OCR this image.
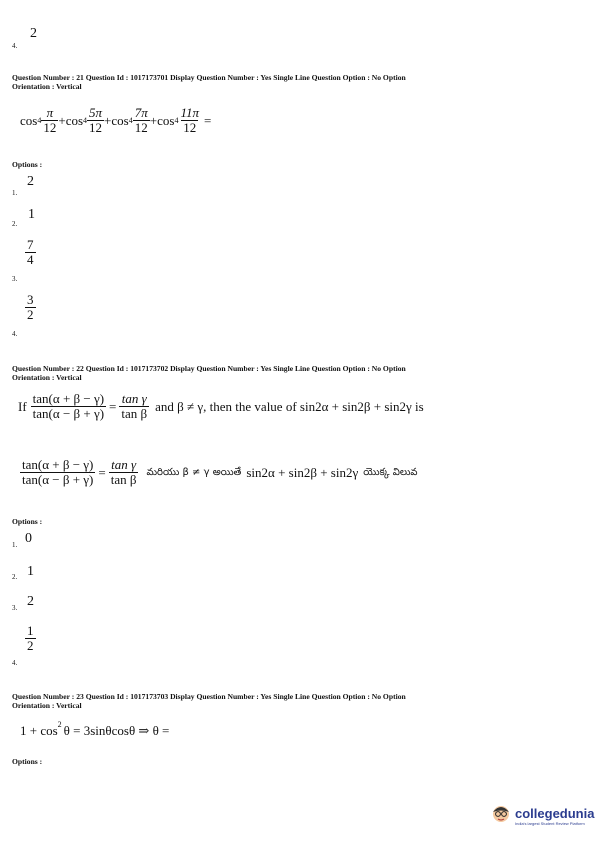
2
4.
Question Number : 21 Question Id : 1017173701 Display Question Number : Yes Single Line Question Option : No Option
Orientation : Vertical
$\cos 4 \frac{\pi}{12} + \cos 4 \frac{5\pi}{12} + \cos 4 \frac{7\pi}{12} + \cos 4 \frac{11\pi}{12}$ =
Options :
2
1.
1
2.
$\frac{7}{4}$
3.
$\frac{3}{2}$
4.
Question Number : 22 Question Id : 1017173702 Display Question Number : Yes Single Line Question Option : No Option
Orientation : Vertical
If $\frac{\tan(\alpha + \beta - \gamma)}{\tan(\alpha - \beta + \gamma)} = \frac{\text{tan γ}}{\text{tan β}}$ and β ≠ γ, then the value of sin2α + sin2β + sin2γ is
$\frac{\tan(\alpha + \beta - \gamma)}{\tan(\alpha - \beta + \gamma)} = \frac{\text{tan γ}}{\text{tan β}}$ మరియు β ≠ γ అయితే sin2α + sin2β + sin2γ యొక్క విలువ
Options :
0
1.
1
2.
2
3.
$\frac{1}{2}$
4.
Question Number : 23 Question Id : 1017173703 Display Question Number : Yes Single Line Question Option : No Option
Orientation : Vertical
$1 + \cos^2 \theta = 3\sin\theta\cos\theta$ ⇒ θ =
Options :
collegedunia
India's largest Student Review Platform
